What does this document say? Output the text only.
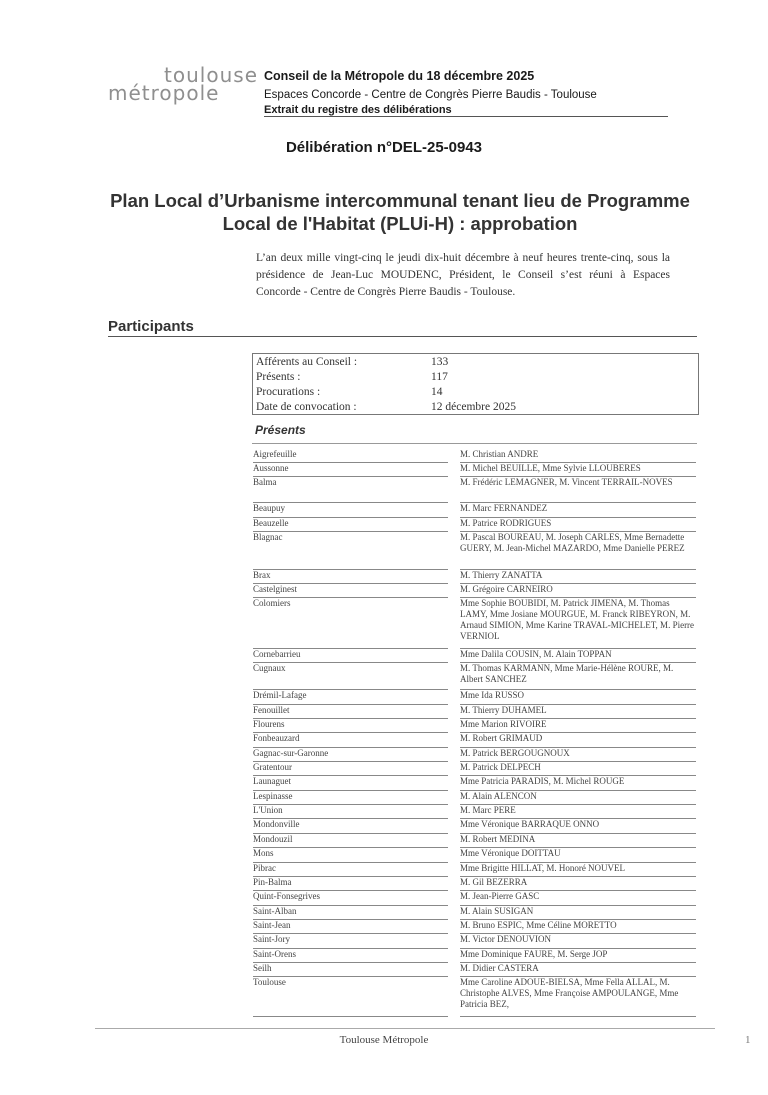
toulouse
métropole
Conseil de la Métropole du 18 décembre 2025
Espaces Concorde - Centre de Congrès Pierre Baudis - Toulouse
Extrait du registre des délibérations
Délibération n°DEL-25-0943
Plan Local d’Urbanisme intercommunal tenant lieu de Programme
Local de l'Habitat (PLUi-H) : approbation
L’an deux mille vingt-cinq le jeudi dix-huit décembre à neuf heures trente-cinq, sous la présidence de Jean-Luc MOUDENC, Président, le Conseil s’est réuni à Espaces Concorde - Centre de Congrès Pierre Baudis - Toulouse.
Participants
Afférents au Conseil :	133
Présents :	117
Procurations :	14
Date de convocation :	12 décembre 2025
Présents
Aigrefeuille	M. Christian ANDRE
Aussonne	M. Michel BEUILLE, Mme Sylvie LLOUBERES
Balma	M. Frédéric LEMAGNER, M. Vincent TERRAIL-NOVES
Beaupuy	M. Marc FERNANDEZ
Beauzelle	M. Patrice RODRIGUES
Blagnac	M. Pascal BOUREAU, M. Joseph CARLES, Mme Bernadette GUERY, M. Jean-Michel MAZARDO, Mme Danielle PEREZ
Brax	M. Thierry ZANATTA
Castelginest	M. Grégoire CARNEIRO
Colomiers	Mme Sophie BOUBIDI, M. Patrick JIMENA, M. Thomas LAMY, Mme Josiane MOURGUE, M. Franck RIBEYRON, M. Arnaud SIMION, Mme Karine TRAVAL-MICHELET, M. Pierre VERNIOL
Cornebarrieu	Mme Dalila COUSIN, M. Alain TOPPAN
Cugnaux	M. Thomas KARMANN, Mme Marie-Hélène ROURE, M. Albert SANCHEZ
Drémil-Lafage	Mme Ida RUSSO
Fenouillet	M. Thierry DUHAMEL
Flourens	Mme Marion RIVOIRE
Fonbeauzard	M. Robert GRIMAUD
Gagnac-sur-Garonne	M. Patrick BERGOUGNOUX
Gratentour	M. Patrick DELPECH
Launaguet	Mme Patricia PARADIS, M. Michel ROUGE
Lespinasse	M. Alain ALENCON
L'Union	M. Marc PERE
Mondonville	Mme Véronique BARRAQUE ONNO
Mondouzil	M. Robert MEDINA
Mons	Mme Véronique DOITTAU
Pibrac	Mme Brigitte HILLAT, M. Honoré NOUVEL
Pin-Balma	M. Gil BEZERRA
Quint-Fonsegrives	M. Jean-Pierre GASC
Saint-Alban	M. Alain SUSIGAN
Saint-Jean	M. Bruno ESPIC, Mme Céline MORETTO
Saint-Jory	M. Victor DENOUVION
Saint-Orens	Mme Dominique FAURE, M. Serge JOP
Seilh	M. Didier CASTERA
Toulouse	Mme Caroline ADOUE-BIELSA, Mme Fella ALLAL, M. Christophe ALVES, Mme Françoise AMPOULANGE, Mme Patricia BEZ,
Toulouse Métropole	1
